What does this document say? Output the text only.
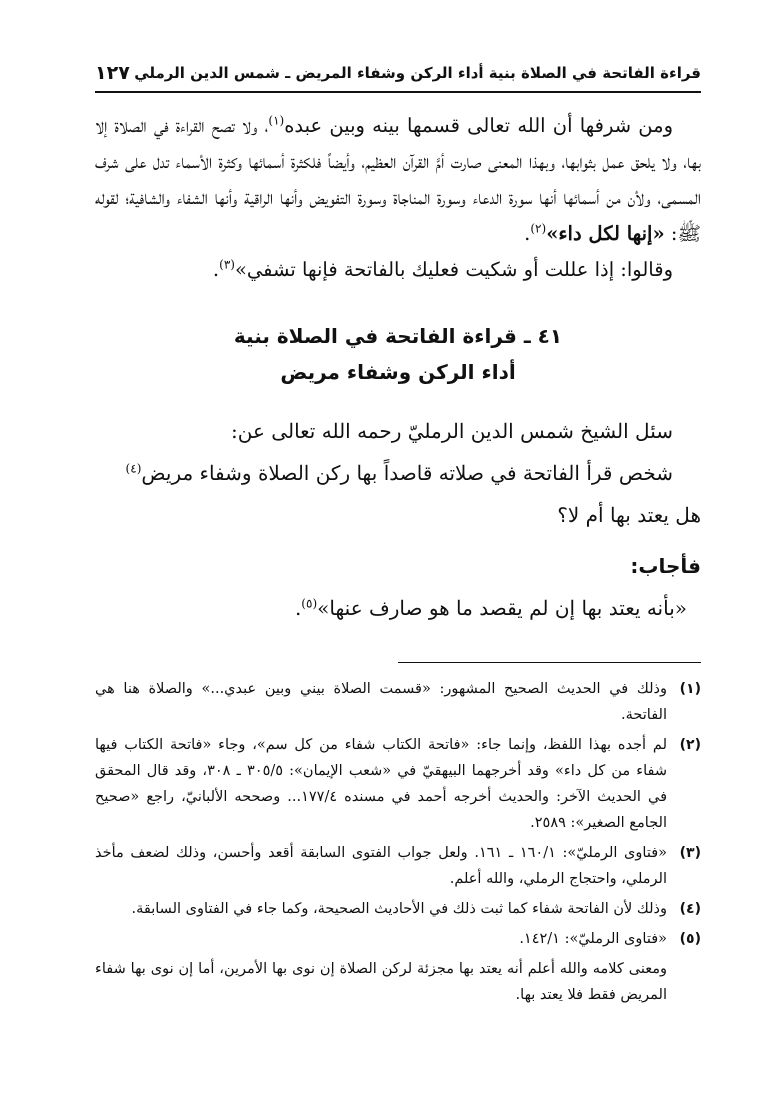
قراءة الفاتحة في الصلاة بنية أداء الركن وشفاء المريض ـ شمس الدين الرملي
١٢٧

ومن شرفها أن الله تعالى قسمها بينه وبين عبده$^{(١)}$، ولا تصح القراءة في الصلاة إلا بها، ولا يلحق عمل بثوابها، وبهذا المعنى صارت أمَّ القرآن العظيم، وأيضاً فلكثرة أسمائها وكثرة الأسماء تدل على شرف المسمى، ولأن من أسمائها أنها سورة الدعاء وسورة المناجاة وسورة التفويض وأنها الراقية وأنها الشفاء والشافية؛ لقوله ﷺ: «إنها لكل داء»$^{(٢)}$.

وقالوا: إذا عللت أو شكيت فعليك بالفاتحة فإنها تشفي»$^{(٣)}$.

٤١ ـ قراءة الفاتحة في الصلاة بنية

أداء الركن وشفاء مريض

سئل الشيخ شمس الدين الرمليّ رحمه الله تعالى عن:

شخص قرأ الفاتحة في صلاته قاصداً بها ركن الصلاة وشفاء مريض$^{(٤)}$

هل يعتد بها أم لا؟

فأجاب:

«بأنه يعتد بها إن لم يقصد ما هو صارف عنها»$^{(٥)}$.

(١)
وذلك في الحديث الصحيح المشهور: «قسمت الصلاة بيني وبين عبدي...» والصلاة هنا هي الفاتحة.
(٢)
لم أجده بهذا اللفظ، وإنما جاء: «فاتحة الكتاب شفاء من كل سم»، وجاء «فاتحة الكتاب فيها شفاء من كل داء» وقد أخرجهما البيهقيّ في «شعب الإيمان»: ٣٠٥/٥ ـ ٣٠٨، وقد قال المحقق في الحديث الآخر: والحديث أخرجه أحمد في مسنده ١٧٧/٤... وصححه الألبانيّ، راجع «صحيح الجامع الصغير»: ٢٥٨٩.
(٣)
«فتاوى الرمليّ»: ١٦٠/١ ـ ١٦١. ولعل جواب الفتوى السابقة أقعد وأحسن، وذلك لضعف مأخذ الرملي، واحتجاج الرملي، والله أعلم.
(٤)
وذلك لأن الفاتحة شفاء كما ثبت ذلك في الأحاديث الصحيحة، وكما جاء في الفتاوى السابقة.
(٥)
«فتاوى الرمليّ»: ١٤٢/١.

ومعنى كلامه والله أعلم أنه يعتد بها مجزئة لركن الصلاة إن نوى بها الأمرين، أما إن نوى بها شفاء المريض فقط فلا يعتد بها.
